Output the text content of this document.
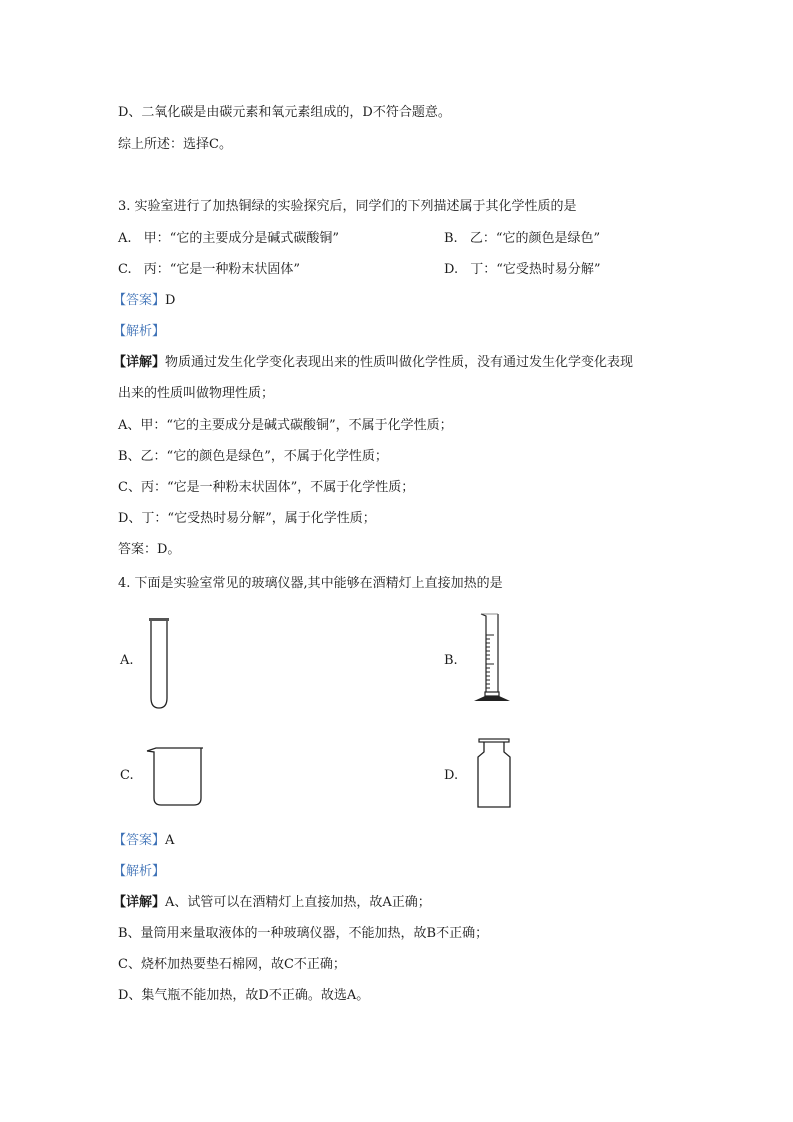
D、二氧化碳是由碳元素和氧元素组成的，D不符合题意。
综上所述：选择C。
3. 实验室进行了加热铜绿的实验探究后，同学们的下列描述属于其化学性质的是
A. 甲：“它的主要成分是碱式碳酸铜”	B. 乙：“它的颜色是绿色”
C. 丙：“它是一种粉末状固体”	D. 丁：“它受热时易分解”
【答案】D
【解析】
【详解】物质通过发生化学变化表现出来的性质叫做化学性质，没有通过发生化学变化表现
出来的性质叫做物理性质；
A、甲：“它的主要成分是碱式碳酸铜”，不属于化学性质；
B、乙：“它的颜色是绿色”，不属于化学性质；
C、丙：“它是一种粉末状固体”，不属于化学性质；
D、丁：“它受热时易分解”，属于化学性质；
答案：D。
4. 下面是实验室常见的玻璃仪器,其中能够在酒精灯上直接加热的是
A.	B.
C.	D.
【答案】A
【解析】
【详解】A、试管可以在酒精灯上直接加热，故A正确；
B、量筒用来量取液体的一种玻璃仪器，不能加热，故B不正确；
C、烧杯加热要垫石棉网，故C不正确；
D、集气瓶不能加热，故D不正确。故选A。
